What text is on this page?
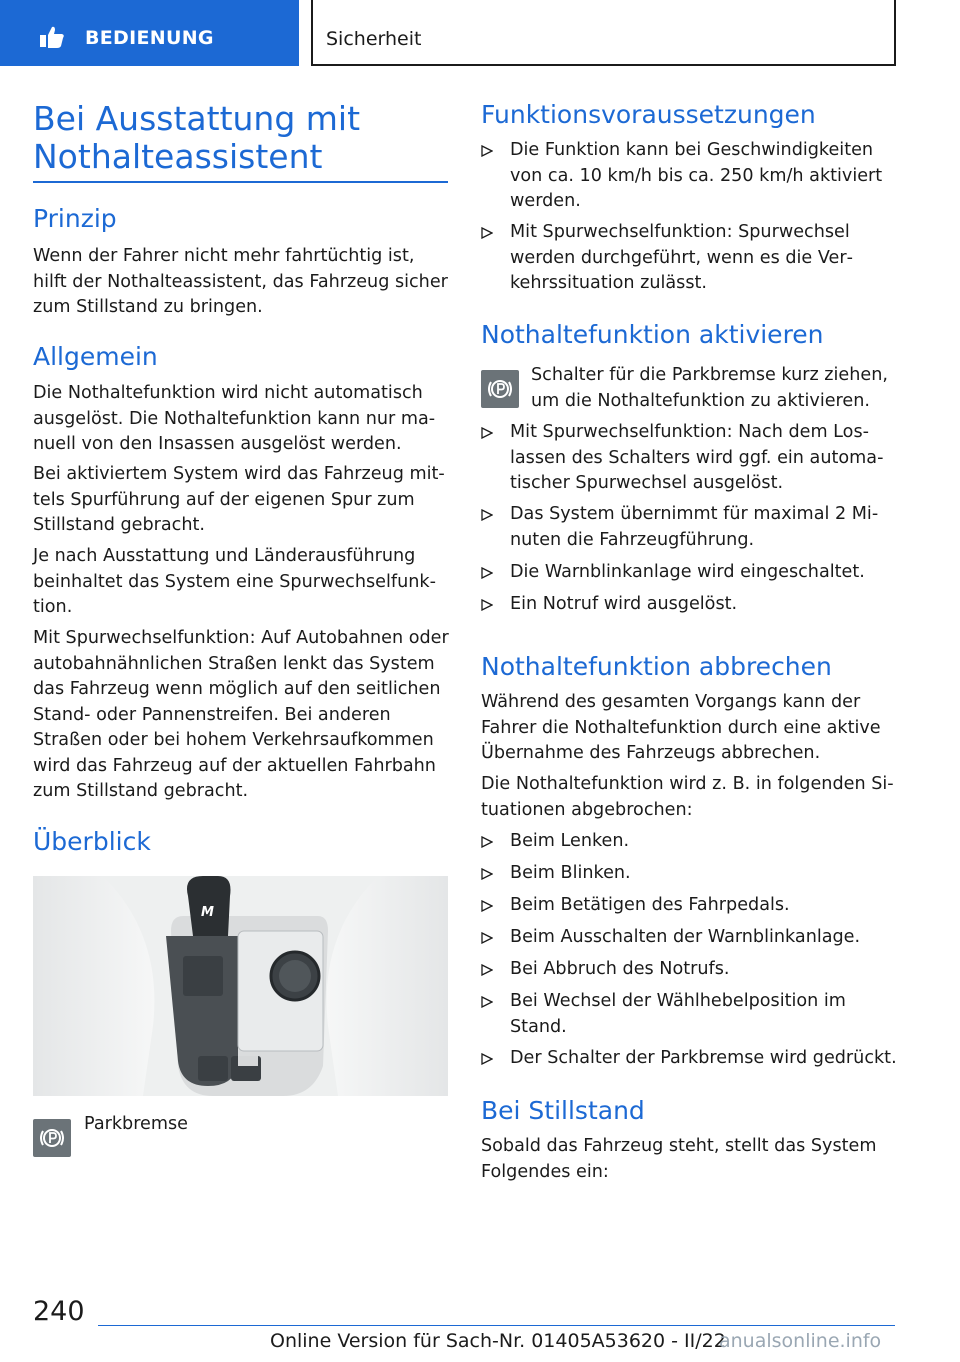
BEDIENUNG	Sicherheit
Bei Ausstattung mit Nothalteassistent
Prinzip
Wenn der Fahrer nicht mehr fahrtüchtig ist, hilft der Nothalteassistent, das Fahrzeug sicher zum Stillstand zu bringen.
Allgemein
Die Nothaltefunktion wird nicht automatisch ausgelöst. Die Nothaltefunktion kann nur manuell von den Insassen ausgelöst werden.
Bei aktiviertem System wird das Fahrzeug mittels Spurführung auf der eigenen Spur zum Stillstand gebracht.
Je nach Ausstattung und Länderausführung beinhaltet das System eine Spurwechselfunktion.
Mit Spurwechselfunktion: Auf Autobahnen oder autobahnähnlichen Straßen lenkt das System das Fahrzeug wenn möglich auf den seitlichen Stand- oder Pannenstreifen. Bei anderen Straßen oder bei hohem Verkehrsaufkommen wird das Fahrzeug auf der aktuellen Fahrbahn zum Stillstand gebracht.
Überblick
M
Parkbremse
Funktionsvoraussetzungen
Die Funktion kann bei Geschwindigkeiten von ca. 10 km/h bis ca. 250 km/h aktiviert werden.
Mit Spurwechselfunktion: Spurwechsel werden durchgeführt, wenn es die Verkehrssituation zulässt.
Nothaltefunktion aktivieren
Schalter für die Parkbremse kurz ziehen, um die Nothaltefunktion zu aktivieren.
Mit Spurwechselfunktion: Nach dem Loslassen des Schalters wird ggf. ein automatischer Spurwechsel ausgelöst.
Das System übernimmt für maximal 2 Minuten die Fahrzeugführung.
Die Warnblinkanlage wird eingeschaltet.
Ein Notruf wird ausgelöst.
Nothaltefunktion abbrechen
Während des gesamten Vorgangs kann der Fahrer die Nothaltefunktion durch eine aktive Übernahme des Fahrzeugs abbrechen.
Die Nothaltefunktion wird z. B. in folgenden Situationen abgebrochen:
Beim Lenken.
Beim Blinken.
Beim Betätigen des Fahrpedals.
Beim Ausschalten der Warnblinkanlage.
Bei Abbruch des Notrufs.
Bei Wechsel der Wählhebelposition im Stand.
Der Schalter der Parkbremse wird gedrückt.
Bei Stillstand
Sobald das Fahrzeug steht, stellt das System Folgendes ein:
240
Online Version für Sach-Nr. 01405A53620 - II/22
anualsonline.info
